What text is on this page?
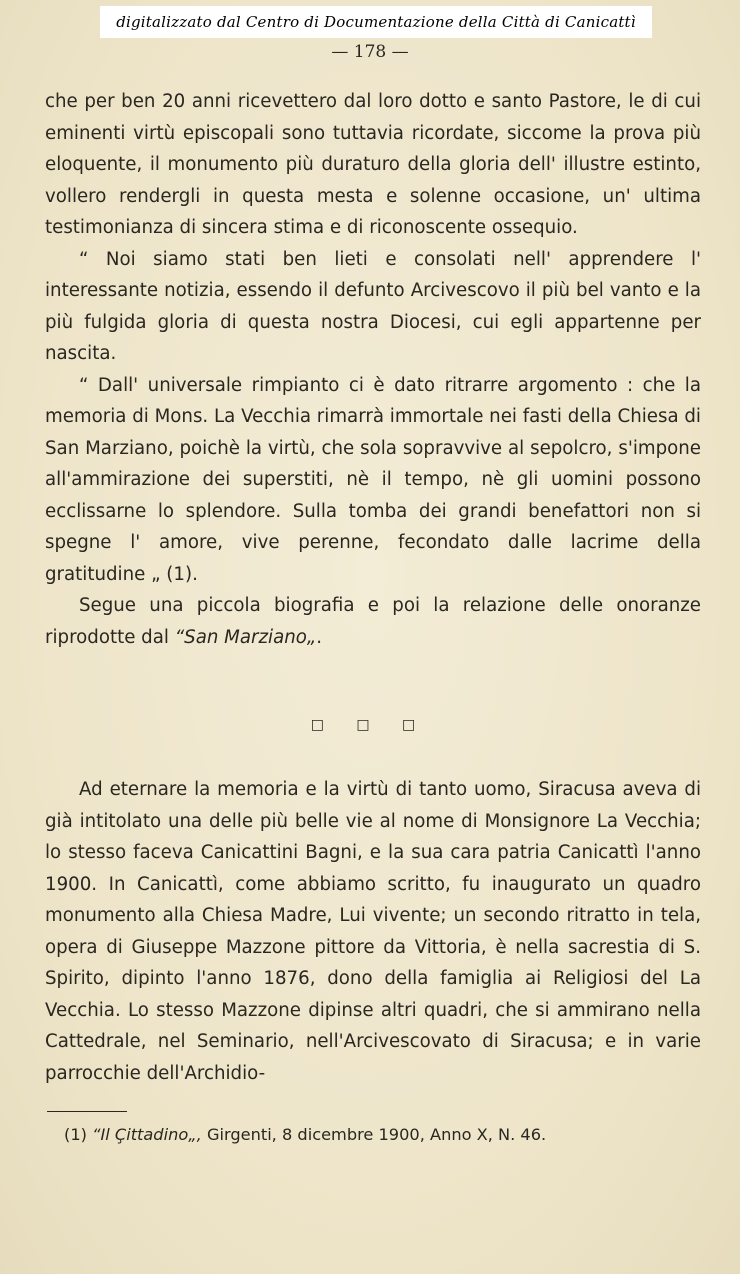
digitalizzato dal Centro di Documentazione della Città di Canicattì
— 178 —

che per ben 20 anni ricevettero dal loro dotto e santo Pastore, le di cui eminenti virtù episcopali sono tuttavia ricordate, siccome la prova più eloquente, il monumento più duraturo della gloria dell' illustre estinto, vollero rendergli in questa mesta e solenne occasione, un' ultima testimonianza di sincera stima e di riconoscente ossequio.

“ Noi siamo stati ben lieti e consolati nell' apprendere l' interessante notizia, essendo il defunto Arcivescovo il più bel vanto e la più fulgida gloria di questa nostra Diocesi, cui egli appartenne per nascita.

“ Dall' universale rimpianto ci è dato ritrarre argomento : che la memoria di Mons. La Vecchia rimarrà immortale nei fasti della Chiesa di San Marziano, poichè la virtù, che sola sopravvive al sepolcro, s'impone all'ammirazione dei superstiti, nè il tempo, nè gli uomini possono ecclissarne lo splendore. Sulla tomba dei grandi benefattori non si spegne l' amore, vive perenne, fecondato dalle lacrime della gratitudine „ (1).

Segue una piccola biografia e poi la relazione delle onoranze riprodotte dal “San Marziano„.

□ □ □

Ad eternare la memoria e la virtù di tanto uomo, Siracusa aveva di già intitolato una delle più belle vie al nome di Monsignore La Vecchia; lo stesso faceva Canicattini Bagni, e la sua cara patria Canicattì l'anno 1900. In Canicattì, come abbiamo scritto, fu inaugurato un quadro monumento alla Chiesa Madre, Lui vivente; un secondo ritratto in tela, opera di Giuseppe Mazzone pittore da Vittoria, è nella sacrestia di S. Spirito, dipinto l'anno 1876, dono della famiglia ai Religiosi del La Vecchia. Lo stesso Mazzone dipinse altri quadri, che si ammirano nella Cattedrale, nel Seminario, nell'Arcivescovato di Siracusa; e in varie parrocchie dell'Archidio-

(1) “Il Çittadino„, Girgenti, 8 dicembre 1900, Anno X, N. 46.
